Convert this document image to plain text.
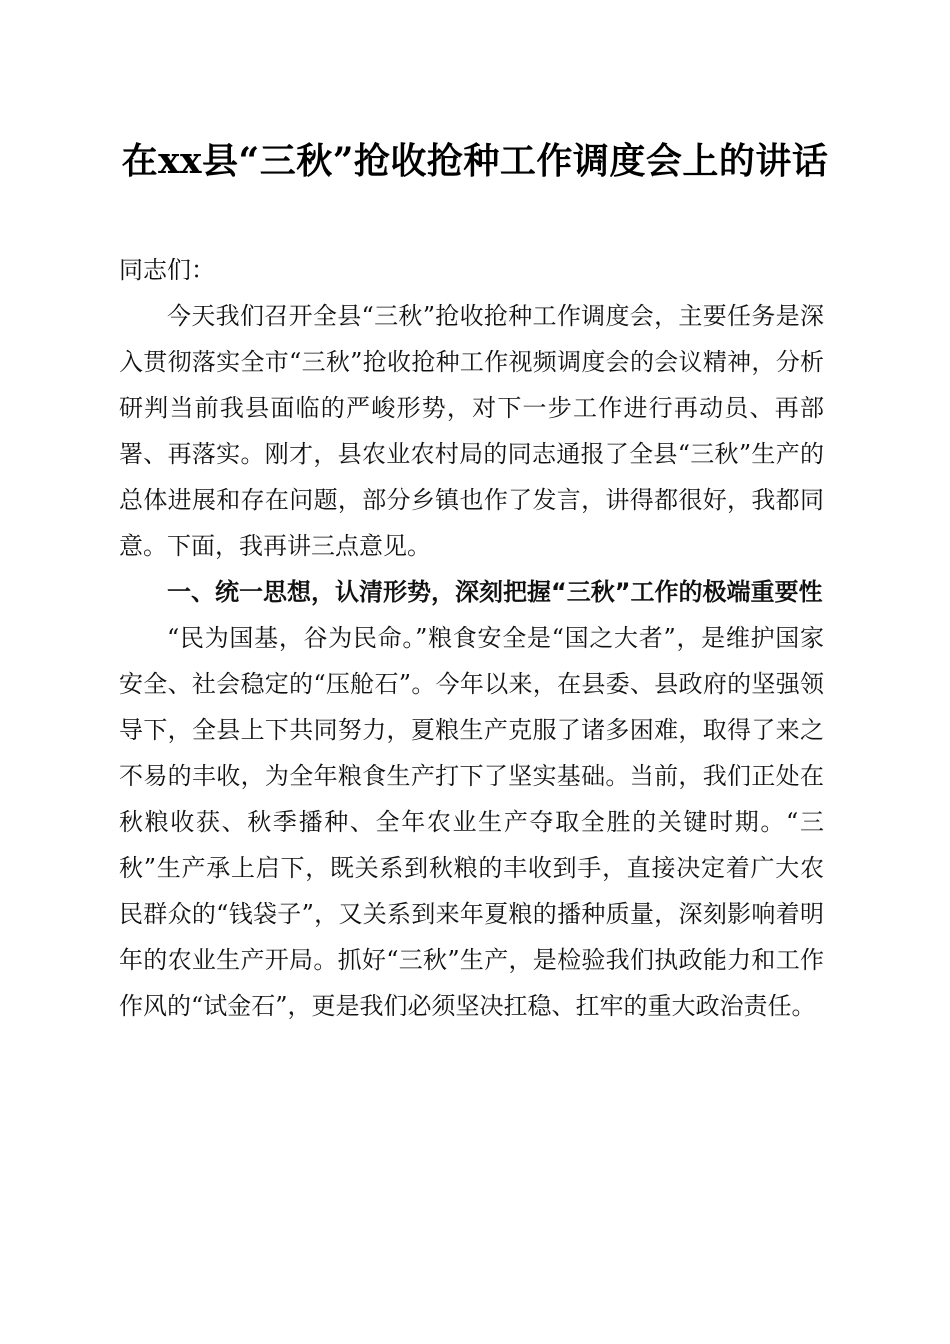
在xx县“三秋”抢收抢种工作调度会上的讲话

同志们：

今天我们召开全县“三秋”抢收抢种工作调度会，主要任务是深入贯彻落实全市“三秋”抢收抢种工作视频调度会的会议精神，分析研判当前我县面临的严峻形势，对下一步工作进行再动员、再部署、再落实。刚才，县农业农村局的同志通报了全县“三秋”生产的总体进展和存在问题，部分乡镇也作了发言，讲得都很好，我都同意。下面，我再讲三点意见。

一、统一思想，认清形势，深刻把握“三秋”工作的极端重要性

“民为国基，谷为民命。”粮食安全是“国之大者”，是维护国家安全、社会稳定的“压舱石”。今年以来，在县委、县政府的坚强领导下，全县上下共同努力，夏粮生产克服了诸多困难，取得了来之不易的丰收，为全年粮食生产打下了坚实基础。当前，我们正处在秋粮收获、秋季播种、全年农业生产夺取全胜的关键时期。“三秋”生产承上启下，既关系到秋粮的丰收到手，直接决定着广大农民群众的“钱袋子”，又关系到来年夏粮的播种质量，深刻影响着明年的农业生产开局。抓好“三秋”生产，是检验我们执政能力和工作作风的“试金石”，更是我们必须坚决扛稳、扛牢的重大政治责任。
